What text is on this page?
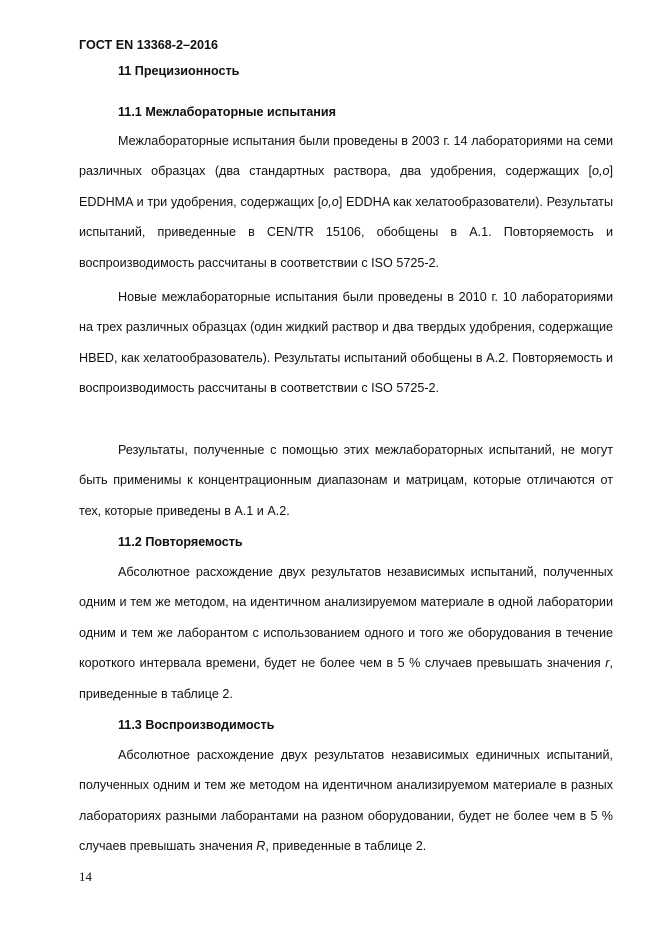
ГОСТ EN 13368-2–2016
11 Прецизионность
11.1 Межлабораторные испытания

Межлабораторные испытания были проведены в 2003 г. 14 лабораториями на семи различных образцах (два стандартных раствора, два удобрения, содержащих [о,о] EDDHMA и три удобрения, содержащих [о,о] EDDHA как хелатообразователи). Результаты испытаний, приведенные в CEN/TR 15106, обобщены в А.1. Повторяемость и воспроизводимость рассчитаны в соответствии с ISO 5725-2.

Новые межлабораторные испытания были проведены в 2010 г. 10 лабораториями на трех различных образцах (один жидкий раствор и два твердых удобрения, содержащие HBED, как хелатообразователь). Результаты испытаний обобщены в А.2. Повторяемость и воспроизводимость рассчитаны в соответствии с ISO 5725-2.

Результаты, полученные с помощью этих межлабораторных испытаний, не могут быть применимы к концентрационным диапазонам и матрицам, которые отличаются от тех, которые приведены в А.1 и А.2.

11.2 Повторяемость

Абсолютное расхождение двух результатов независимых испытаний, полученных одним и тем же методом, на идентичном анализируемом материале в одной лаборатории одним и тем же лаборантом с использованием одного и того же оборудования в течение короткого интервала времени, будет не более чем в 5 % случаев превышать значения r, приведенные в таблице 2.

11.3 Воспроизводимость

Абсолютное расхождение двух результатов независимых единичных испытаний, полученных одним и тем же методом на идентичном анализируемом материале в разных лабораториях разными лаборантами на разном оборудовании, будет не более чем в 5 % случаев превышать значения R, приведенные в таблице 2.

14
